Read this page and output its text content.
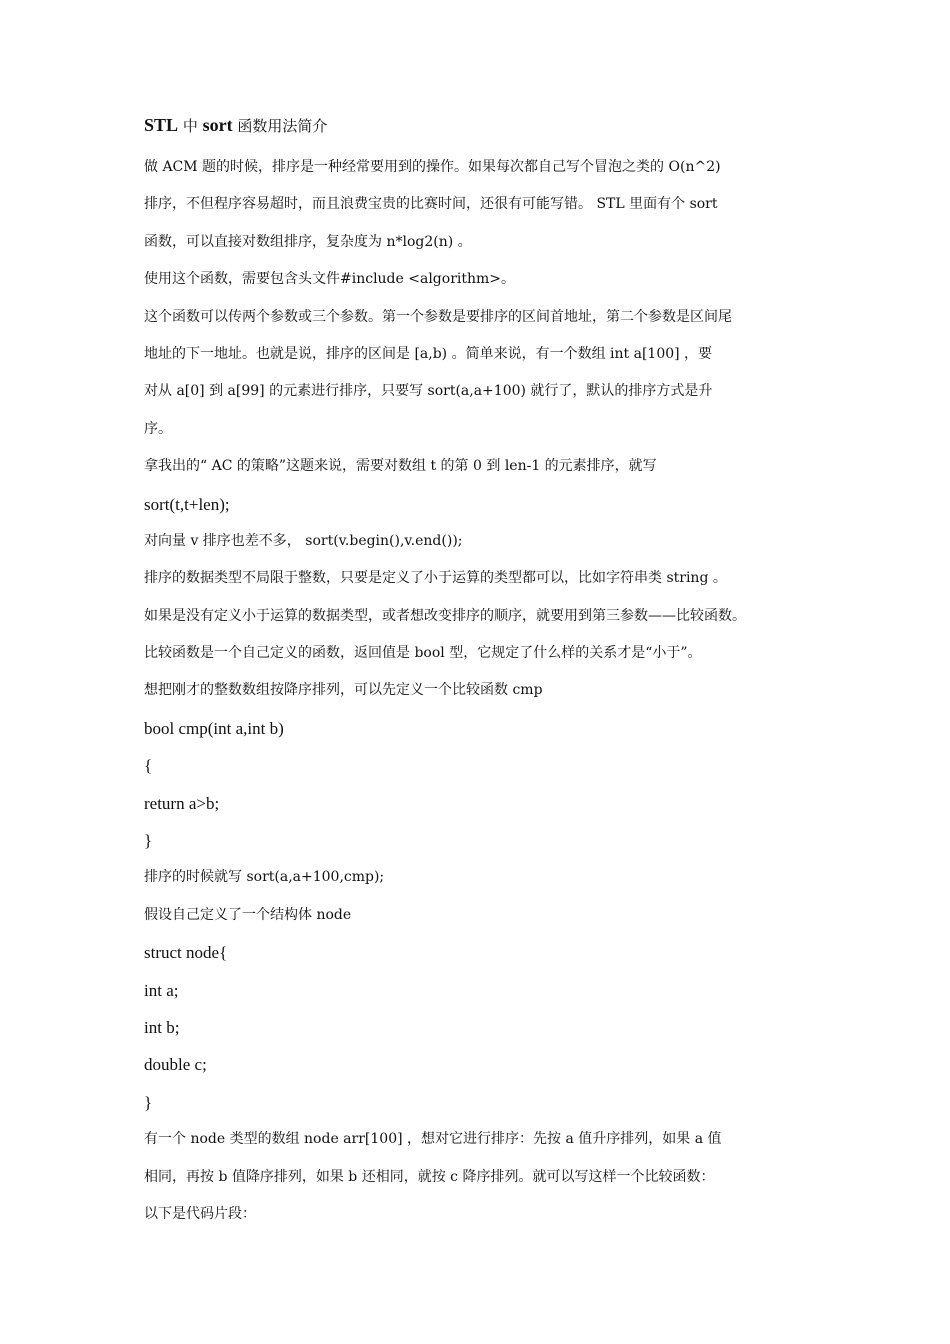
STL 中 sort 函数用法简介
做 ACM 题的时候，排序是一种经常要用到的操作。如果每次都自己写个冒泡之类的 O(n^2)
排序，不但程序容易超时，而且浪费宝贵的比赛时间，还很有可能写错。 STL 里面有个 sort
函数，可以直接对数组排序，复杂度为 n*log2(n) 。
使用这个函数，需要包含头文件#include <algorithm>。
这个函数可以传两个参数或三个参数。第一个参数是要排序的区间首地址，第二个参数是区间尾
地址的下一地址。也就是说，排序的区间是 [a,b) 。简单来说，有一个数组 int a[100] ，要
对从 a[0] 到 a[99] 的元素进行排序，只要写 sort(a,a+100) 就行了，默认的排序方式是升
序。
拿我出的“ AC 的策略”这题来说，需要对数组 t 的第 0 到 len-1 的元素排序，就写
sort(t,t+len);
对向量 v 排序也差不多， sort(v.begin(),v.end());
排序的数据类型不局限于整数，只要是定义了小于运算的类型都可以，比如字符串类 string 。
如果是没有定义小于运算的数据类型，或者想改变排序的顺序，就要用到第三参数——比较函数。
比较函数是一个自己定义的函数，返回值是 bool 型，它规定了什么样的关系才是“小于”。
想把刚才的整数数组按降序排列，可以先定义一个比较函数 cmp
bool cmp(int a,int b)
{
return a>b;
}
排序的时候就写 sort(a,a+100,cmp);
假设自己定义了一个结构体 node
struct node{
int a;
int b;
double c;
}
有一个 node 类型的数组 node arr[100] ，想对它进行排序：先按 a 值升序排列，如果 a 值
相同，再按 b 值降序排列，如果 b 还相同，就按 c 降序排列。就可以写这样一个比较函数：
以下是代码片段：
